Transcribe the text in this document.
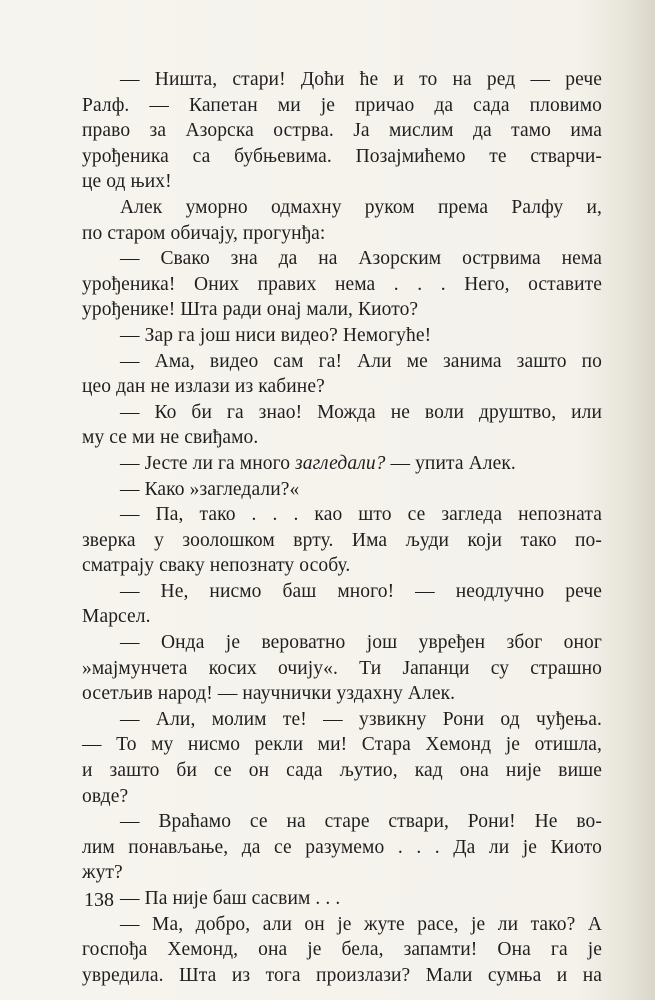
— Ништа, стари! Доћи ће и то на ред — рече
Ралф. — Капетан ми је причао да сада пловимо
право за Азорска острва. Ја мислим да тамо има
урођеника са бубњевима. Позајмићемо те стварчи-
це од њих!
Алек уморно одмахну руком према Ралфу и,
по старом обичају, прогунђа:
— Свако зна да на Азорским острвима нема
урођеника! Оних правих нема . . . Него, оставите
урођенике! Шта ради онај мали, Киото?
— Зар га још ниси видео? Немогуће!
— Ама, видео сам га! Али ме занима зашто по
цео дан не излази из кабине?
— Ко би га знао! Можда не воли друштво, или
му се ми не свиђамо.
— Јесте ли га много загледали? — упита Алек.
— Како »загледали?«
— Па, тако . . . као што се загледа непозната
зверка у зоолошком врту. Има људи који тако по-
сматрају сваку непознату особу.
— Не, нисмо баш много! — неодлучно рече
Марсел.
— Онда је вероватно још увређен због оног
»мајмунчета косих очију«. Ти Јапанци су страшно
осетљив народ! — научнички уздахну Алек.
— Али, молим те! — узвикну Рони од чуђења.
— То му нисмо рекли ми! Стара Хемонд је отишла,
и зашто би се он сада љутио, кад она није више
овде?
— Враћамо се на старе ствари, Рони! Не во-
лим понављање, да се разумемо . . . Да ли је Киото
жут?
— Па није баш сасвим . . .
— Ма, добро, али он је жуте расе, је ли тако? А
госпођа Хемонд, она је бела, запамти! Она га је
увредила. Шта из тога произлази? Мали сумња и на
138
